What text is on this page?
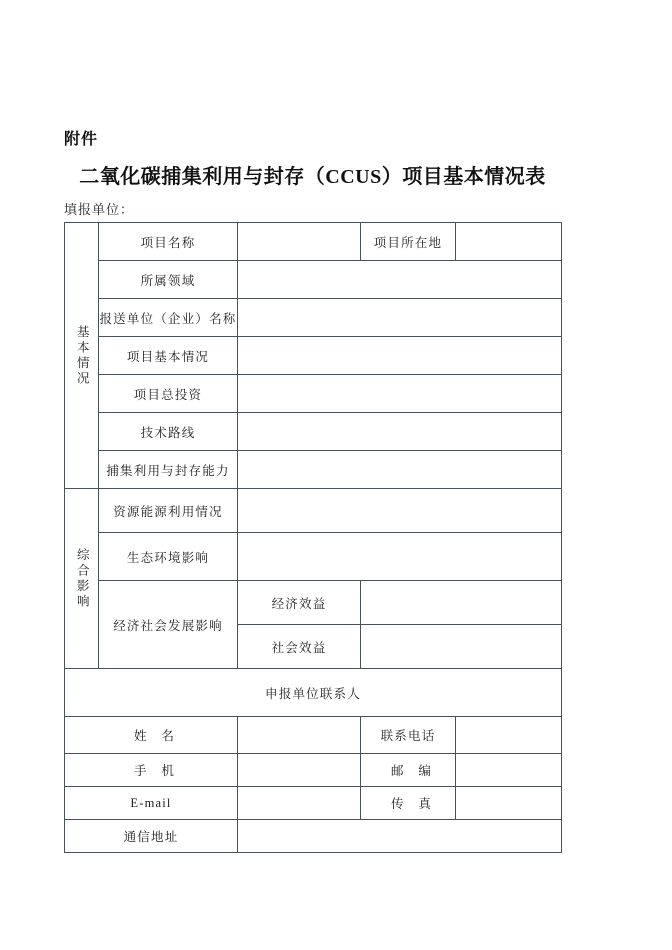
附件
二氧化碳捕集利用与封存（CCUS）项目基本情况表
填报单位：
基本情况	项目名称		项目所在地	
	所属领域			
	报送单位（企业）名称			
	项目基本情况			
	项目总投资			
	技术路线			
	捕集利用与封存能力			

综合影响	资源能源利用情况			
	生态环境影响			
	经济社会发展影响	经济效益		
		社会效益		
申报单位联系人				
姓　名			联系电话	
手　机			邮　编	
E-mail			传　真	
通信地址				
